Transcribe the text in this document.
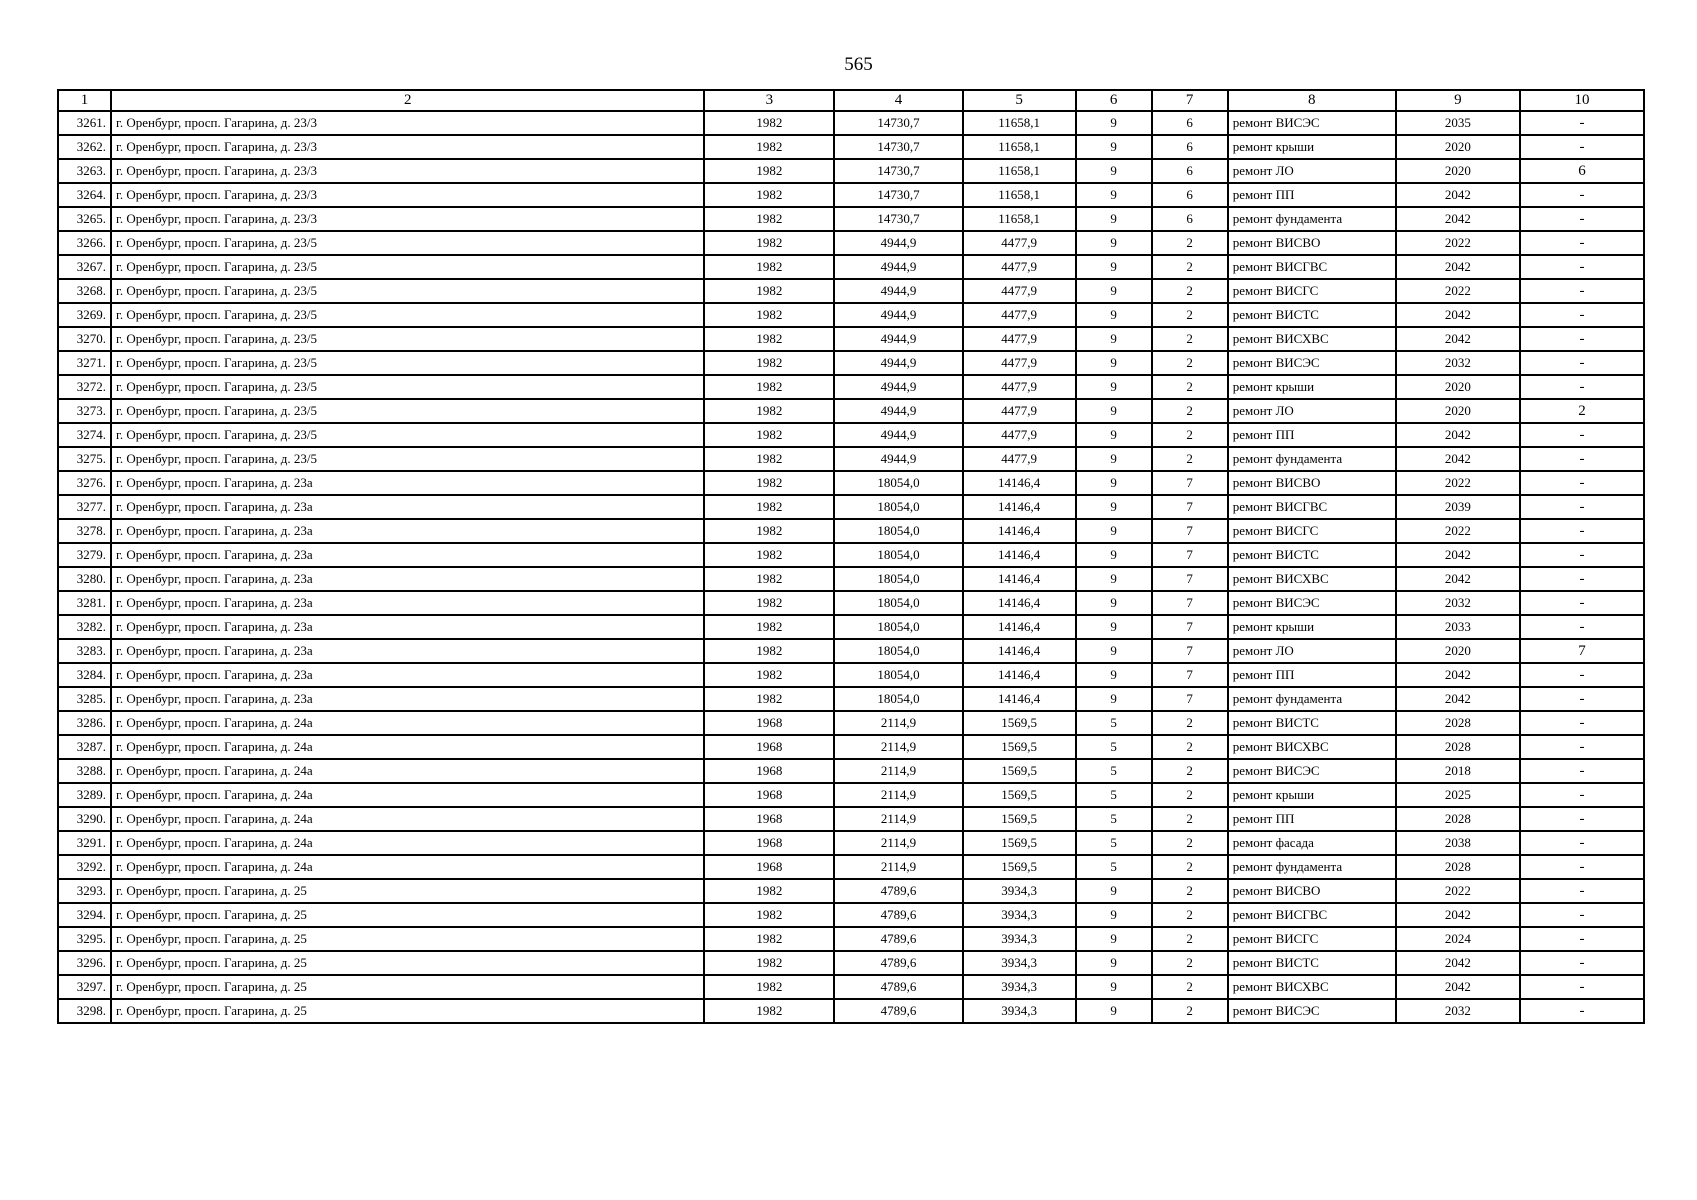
565
1	2	3	4	5	6	7	8	9	10
3261.	г. Оренбург, просп. Гагарина, д. 23/3	1982	14730,7	11658,1	9	6	ремонт ВИСЭС	2035	-
3262.	г. Оренбург, просп. Гагарина, д. 23/3	1982	14730,7	11658,1	9	6	ремонт крыши	2020	-
3263.	г. Оренбург, просп. Гагарина, д. 23/3	1982	14730,7	11658,1	9	6	ремонт ЛО	2020	6
3264.	г. Оренбург, просп. Гагарина, д. 23/3	1982	14730,7	11658,1	9	6	ремонт ПП	2042	-
3265.	г. Оренбург, просп. Гагарина, д. 23/3	1982	14730,7	11658,1	9	6	ремонт фундамента	2042	-
3266.	г. Оренбург, просп. Гагарина, д. 23/5	1982	4944,9	4477,9	9	2	ремонт ВИСВО	2022	-
3267.	г. Оренбург, просп. Гагарина, д. 23/5	1982	4944,9	4477,9	9	2	ремонт ВИСГВС	2042	-
3268.	г. Оренбург, просп. Гагарина, д. 23/5	1982	4944,9	4477,9	9	2	ремонт ВИСГС	2022	-
3269.	г. Оренбург, просп. Гагарина, д. 23/5	1982	4944,9	4477,9	9	2	ремонт ВИСТС	2042	-
3270.	г. Оренбург, просп. Гагарина, д. 23/5	1982	4944,9	4477,9	9	2	ремонт ВИСХВС	2042	-
3271.	г. Оренбург, просп. Гагарина, д. 23/5	1982	4944,9	4477,9	9	2	ремонт ВИСЭС	2032	-
3272.	г. Оренбург, просп. Гагарина, д. 23/5	1982	4944,9	4477,9	9	2	ремонт крыши	2020	-
3273.	г. Оренбург, просп. Гагарина, д. 23/5	1982	4944,9	4477,9	9	2	ремонт ЛО	2020	2
3274.	г. Оренбург, просп. Гагарина, д. 23/5	1982	4944,9	4477,9	9	2	ремонт ПП	2042	-
3275.	г. Оренбург, просп. Гагарина, д. 23/5	1982	4944,9	4477,9	9	2	ремонт фундамента	2042	-
3276.	г. Оренбург, просп. Гагарина, д. 23а	1982	18054,0	14146,4	9	7	ремонт ВИСВО	2022	-
3277.	г. Оренбург, просп. Гагарина, д. 23а	1982	18054,0	14146,4	9	7	ремонт ВИСГВС	2039	-
3278.	г. Оренбург, просп. Гагарина, д. 23а	1982	18054,0	14146,4	9	7	ремонт ВИСГС	2022	-
3279.	г. Оренбург, просп. Гагарина, д. 23а	1982	18054,0	14146,4	9	7	ремонт ВИСТС	2042	-
3280.	г. Оренбург, просп. Гагарина, д. 23а	1982	18054,0	14146,4	9	7	ремонт ВИСХВС	2042	-
3281.	г. Оренбург, просп. Гагарина, д. 23а	1982	18054,0	14146,4	9	7	ремонт ВИСЭС	2032	-
3282.	г. Оренбург, просп. Гагарина, д. 23а	1982	18054,0	14146,4	9	7	ремонт крыши	2033	-
3283.	г. Оренбург, просп. Гагарина, д. 23а	1982	18054,0	14146,4	9	7	ремонт ЛО	2020	7
3284.	г. Оренбург, просп. Гагарина, д. 23а	1982	18054,0	14146,4	9	7	ремонт ПП	2042	-
3285.	г. Оренбург, просп. Гагарина, д. 23а	1982	18054,0	14146,4	9	7	ремонт фундамента	2042	-
3286.	г. Оренбург, просп. Гагарина, д. 24а	1968	2114,9	1569,5	5	2	ремонт ВИСТС	2028	-
3287.	г. Оренбург, просп. Гагарина, д. 24а	1968	2114,9	1569,5	5	2	ремонт ВИСХВС	2028	-
3288.	г. Оренбург, просп. Гагарина, д. 24а	1968	2114,9	1569,5	5	2	ремонт ВИСЭС	2018	-
3289.	г. Оренбург, просп. Гагарина, д. 24а	1968	2114,9	1569,5	5	2	ремонт крыши	2025	-
3290.	г. Оренбург, просп. Гагарина, д. 24а	1968	2114,9	1569,5	5	2	ремонт ПП	2028	-
3291.	г. Оренбург, просп. Гагарина, д. 24а	1968	2114,9	1569,5	5	2	ремонт фасада	2038	-
3292.	г. Оренбург, просп. Гагарина, д. 24а	1968	2114,9	1569,5	5	2	ремонт фундамента	2028	-
3293.	г. Оренбург, просп. Гагарина, д. 25	1982	4789,6	3934,3	9	2	ремонт ВИСВО	2022	-
3294.	г. Оренбург, просп. Гагарина, д. 25	1982	4789,6	3934,3	9	2	ремонт ВИСГВС	2042	-
3295.	г. Оренбург, просп. Гагарина, д. 25	1982	4789,6	3934,3	9	2	ремонт ВИСГС	2024	-
3296.	г. Оренбург, просп. Гагарина, д. 25	1982	4789,6	3934,3	9	2	ремонт ВИСТС	2042	-
3297.	г. Оренбург, просп. Гагарина, д. 25	1982	4789,6	3934,3	9	2	ремонт ВИСХВС	2042	-
3298.	г. Оренбург, просп. Гагарина, д. 25	1982	4789,6	3934,3	9	2	ремонт ВИСЭС	2032	-
